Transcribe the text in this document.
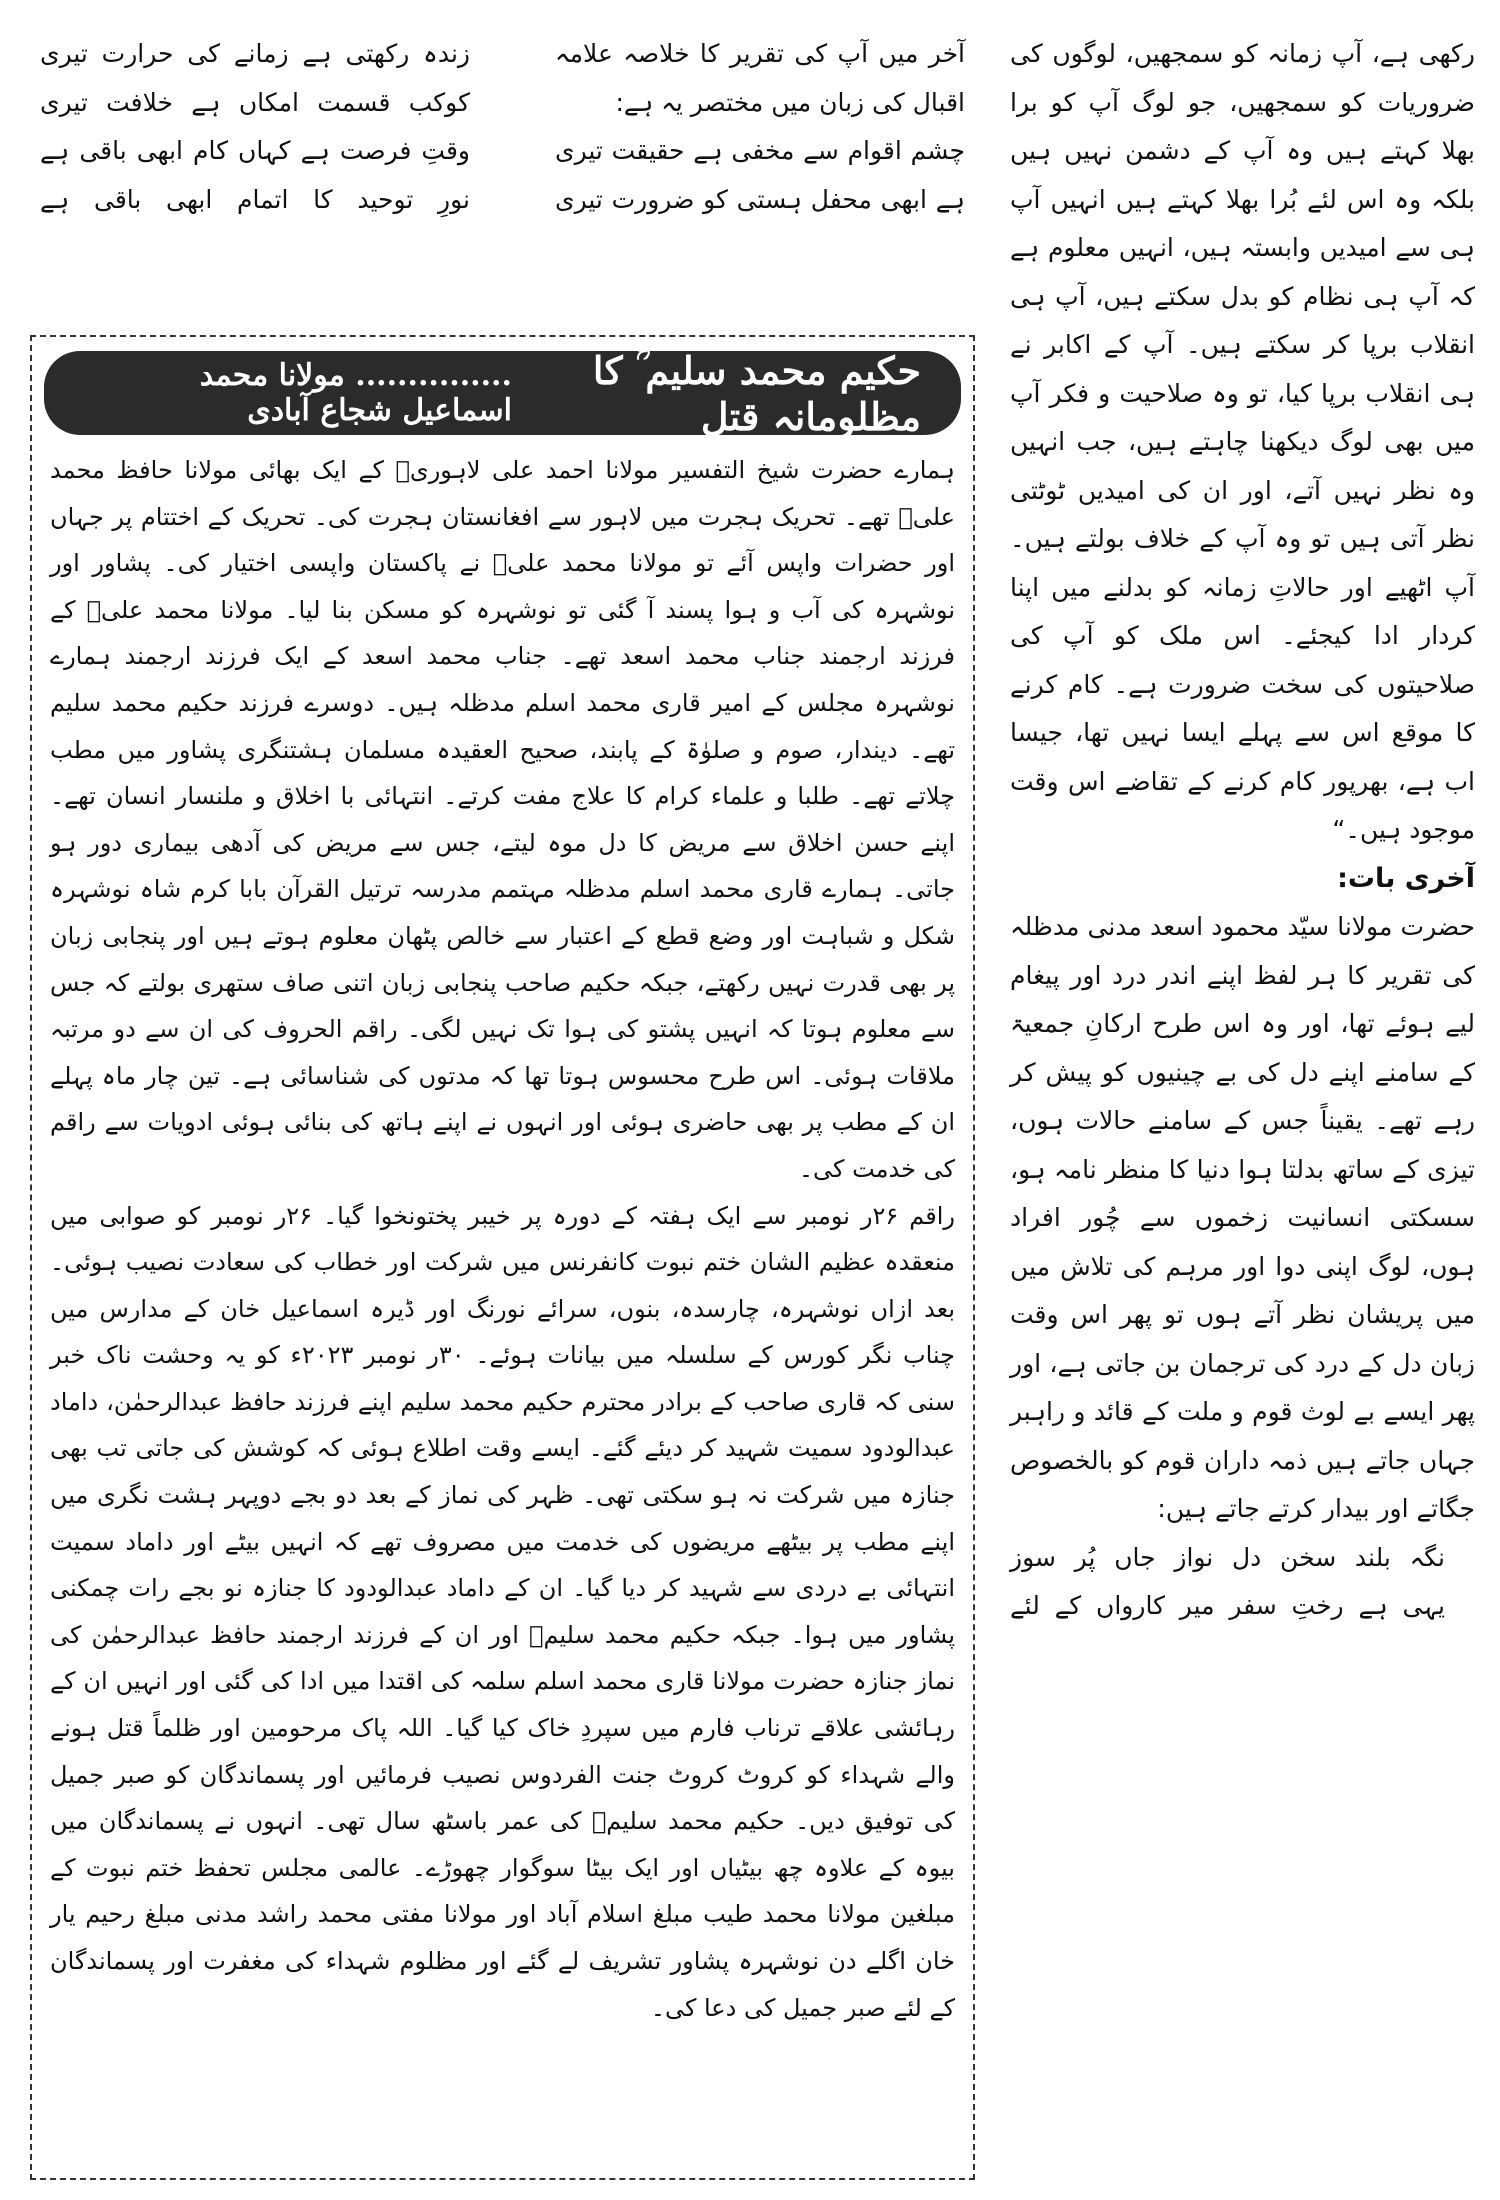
رکھی ہے، آپ زمانہ کو سمجھیں، لوگوں کی ضروریات کو سمجھیں، جو لوگ آپ کو برا بھلا کہتے ہیں وہ آپ کے دشمن نہیں ہیں بلکہ وہ اس لئے بُرا بھلا کہتے ہیں انہیں آپ ہی سے امیدیں وابستہ ہیں، انہیں معلوم ہے کہ آپ ہی نظام کو بدل سکتے ہیں، آپ ہی انقلاب برپا کر سکتے ہیں۔ آپ کے اکابر نے ہی انقلاب برپا کیا، تو وہ صلاحیت و فکر آپ میں بھی لوگ دیکھنا چاہتے ہیں، جب انہیں وہ نظر نہیں آتے، اور ان کی امیدیں ٹوٹتی نظر آتی ہیں تو وہ آپ کے خلاف بولتے ہیں۔ آپ اٹھیے اور حالاتِ زمانہ کو بدلنے میں اپنا کردار ادا کیجئے۔ اس ملک کو آپ کی صلاحیتوں کی سخت ضرورت ہے۔ کام کرنے کا موقع اس سے پہلے ایسا نہیں تھا، جیسا اب ہے، بھرپور کام کرنے کے تقاضے اس وقت موجود ہیں۔“

آخری بات:

حضرت مولانا سیّد محمود اسعد مدنی مدظلہ کی تقریر کا ہر لفظ اپنے اندر درد اور پیغام لیے ہوئے تھا، اور وہ اس طرح ارکانِ جمعیۃ کے سامنے اپنے دل کی بے چینیوں کو پیش کر رہے تھے۔ یقیناً جس کے سامنے حالات ہوں، تیزی کے ساتھ بدلتا ہوا دنیا کا منظر نامہ ہو، سسکتی انسانیت زخموں سے چُور افراد ہوں، لوگ اپنی دوا اور مرہم کی تلاش میں میں پریشان نظر آتے ہوں تو پھر اس وقت زبان دل کے درد کی ترجمان بن جاتی ہے، اور پھر ایسے بے لوث قوم و ملت کے قائد و راہبر جہاں جاتے ہیں ذمہ داران قوم کو بالخصوص جگاتے اور بیدار کرتے جاتے ہیں:

نگہ بلند سخن دل نواز جاں پُر سوز

یہی ہے رختِ سفر میر کارواں کے لئے

آخر میں آپ کی تقریر کا خلاصہ علامہ اقبال کی زبان میں مختصر یہ ہے:

چشم اقوام سے مخفی ہے حقیقت تیری

ہے ابھی محفل ہستی کو ضرورت تیری

زندہ رکھتی ہے زمانے کی حرارت تیری

کوکب قسمت امکاں ہے خلافت تیری

وقتِ فرصت ہے کہاں کام ابھی باقی ہے

نورِ توحید کا اتمام ابھی باقی ہے

حکیم محمد سلیم ؒ کا مظلومانہ قتل
............... مولانا محمد اسماعیل شجاع آبادی

ہمارے حضرت شیخ التفسیر مولانا احمد علی لاہوریؒ کے ایک بھائی مولانا حافظ محمد علیؒ تھے۔ تحریک ہجرت میں لاہور سے افغانستان ہجرت کی۔ تحریک کے اختتام پر جہاں اور حضرات واپس آئے تو مولانا محمد علیؒ نے پاکستان واپسی اختیار کی۔ پشاور اور نوشہرہ کی آب و ہوا پسند آ گئی تو نوشہرہ کو مسکن بنا لیا۔ مولانا محمد علیؒ کے فرزند ارجمند جناب محمد اسعد تھے۔ جناب محمد اسعد کے ایک فرزند ارجمند ہمارے نوشہرہ مجلس کے امیر قاری محمد اسلم مدظلہ ہیں۔ دوسرے فرزند حکیم محمد سلیم تھے۔ دیندار، صوم و صلوٰۃ کے پابند، صحیح العقیدہ مسلمان ہشتنگری پشاور میں مطب چلاتے تھے۔ طلبا و علماء کرام کا علاج مفت کرتے۔ انتہائی با اخلاق و ملنسار انسان تھے۔ اپنے حسن اخلاق سے مریض کا دل موہ لیتے، جس سے مریض کی آدھی بیماری دور ہو جاتی۔ ہمارے قاری محمد اسلم مدظلہ مہتمم مدرسہ ترتیل القرآن بابا کرم شاہ نوشہرہ شکل و شباہت اور وضع قطع کے اعتبار سے خالص پٹھان معلوم ہوتے ہیں اور پنجابی زبان پر بھی قدرت نہیں رکھتے، جبکہ حکیم صاحب پنجابی زبان اتنی صاف ستھری بولتے کہ جس سے معلوم ہوتا کہ انہیں پشتو کی ہوا تک نہیں لگی۔ راقم الحروف کی ان سے دو مرتبہ ملاقات ہوئی۔ اس طرح محسوس ہوتا تھا کہ مدتوں کی شناسائی ہے۔ تین چار ماہ پہلے ان کے مطب پر بھی حاضری ہوئی اور انہوں نے اپنے ہاتھ کی بنائی ہوئی ادویات سے راقم کی خدمت کی۔

راقم ۲۶ر نومبر سے ایک ہفتہ کے دورہ پر خیبر پختونخوا گیا۔ ۲۶ر نومبر کو صوابی میں منعقدہ عظیم الشان ختم نبوت کانفرنس میں شرکت اور خطاب کی سعادت نصیب ہوئی۔ بعد ازاں نوشہرہ، چارسدہ، بنوں، سرائے نورنگ اور ڈیرہ اسماعیل خان کے مدارس میں چناب نگر کورس کے سلسلہ میں بیانات ہوئے۔ ۳۰ر نومبر ۲۰۲۳ء کو یہ وحشت ناک خبر سنی کہ قاری صاحب کے برادر محترم حکیم محمد سلیم اپنے فرزند حافظ عبدالرحمٰن، داماد عبدالودود سمیت شہید کر دیئے گئے۔ ایسے وقت اطلاع ہوئی کہ کوشش کی جاتی تب بھی جنازہ میں شرکت نہ ہو سکتی تھی۔ ظہر کی نماز کے بعد دو بجے دوپہر ہشت نگری میں اپنے مطب پر بیٹھے مریضوں کی خدمت میں مصروف تھے کہ انہیں بیٹے اور داماد سمیت انتہائی بے دردی سے شہید کر دیا گیا۔ ان کے داماد عبدالودود کا جنازہ نو بجے رات چمکنی پشاور میں ہوا۔ جبکہ حکیم محمد سلیمؒ اور ان کے فرزند ارجمند حافظ عبدالرحمٰن کی نماز جنازہ حضرت مولانا قاری محمد اسلم سلمہ کی اقتدا میں ادا کی گئی اور انہیں ان کے رہائشی علاقے ترناب فارم میں سپردِ خاک کیا گیا۔ اللہ پاک مرحومین اور ظلماً قتل ہونے والے شہداء کو کروٹ کروٹ جنت الفردوس نصیب فرمائیں اور پسماندگان کو صبر جمیل کی توفیق دیں۔ حکیم محمد سلیمؒ کی عمر باسٹھ سال تھی۔ انہوں نے پسماندگان میں بیوہ کے علاوہ چھ بیٹیاں اور ایک بیٹا سوگوار چھوڑے۔ عالمی مجلس تحفظ ختم نبوت کے مبلغین مولانا محمد طیب مبلغ اسلام آباد اور مولانا مفتی محمد راشد مدنی مبلغ رحیم یار خان اگلے دن نوشہرہ پشاور تشریف لے گئے اور مظلوم شہداء کی مغفرت اور پسماندگان کے لئے صبر جمیل کی دعا کی۔
